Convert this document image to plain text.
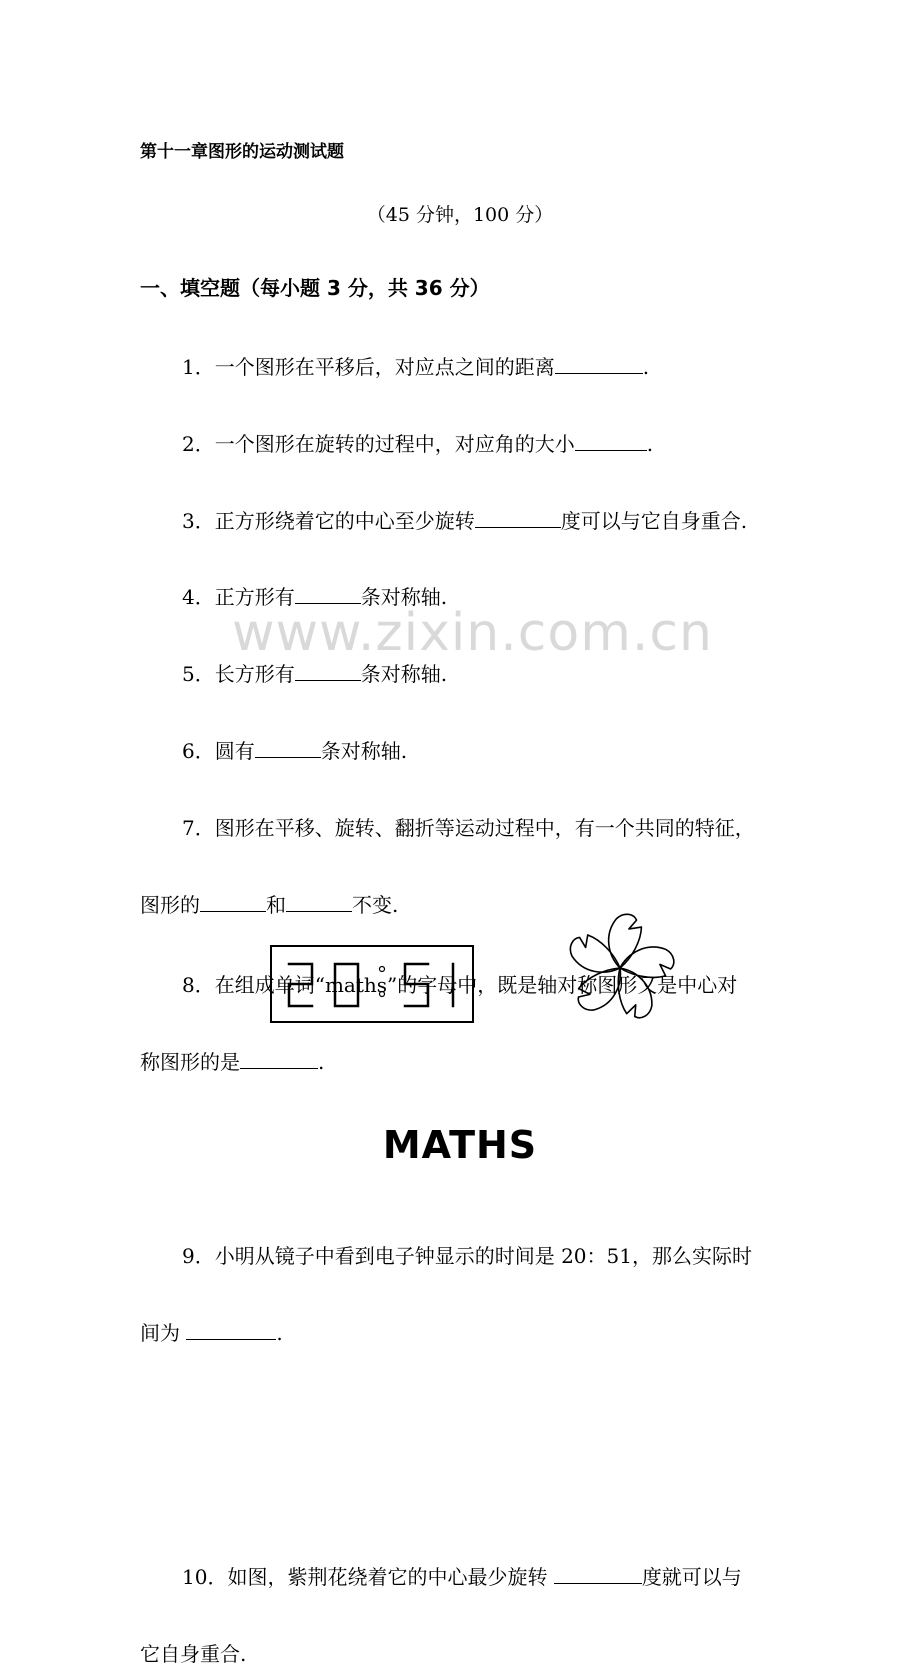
www.zixin.com.cn
第十一章图形的运动测试题
（45 分钟，100 分）
一、填空题（每小题 3 分，共 36 分）
1．一个图形在平移后，对应点之间的距离	.
2．一个图形在旋转的过程中，对应角的大小	.
3．正方形绕着它的中心至少旋转	度可以与它自身重合.
4．正方形有	条对称轴.
5．长方形有	条对称轴.
6．圆有	条对称轴.
7．图形在平移、旋转、翻折等运动过程中，有一个共同的特征，
图形的	和	不变.
8．在组成单词“maths”的字母中，既是轴对称图形又是中心对
称图形的是	.
MATHS
9．小明从镜子中看到电子钟显示的时间是 20：51，那么实际时
间为	.
10．如图，紫荆花绕着它的中心最少旋转	度就可以与
它自身重合.
